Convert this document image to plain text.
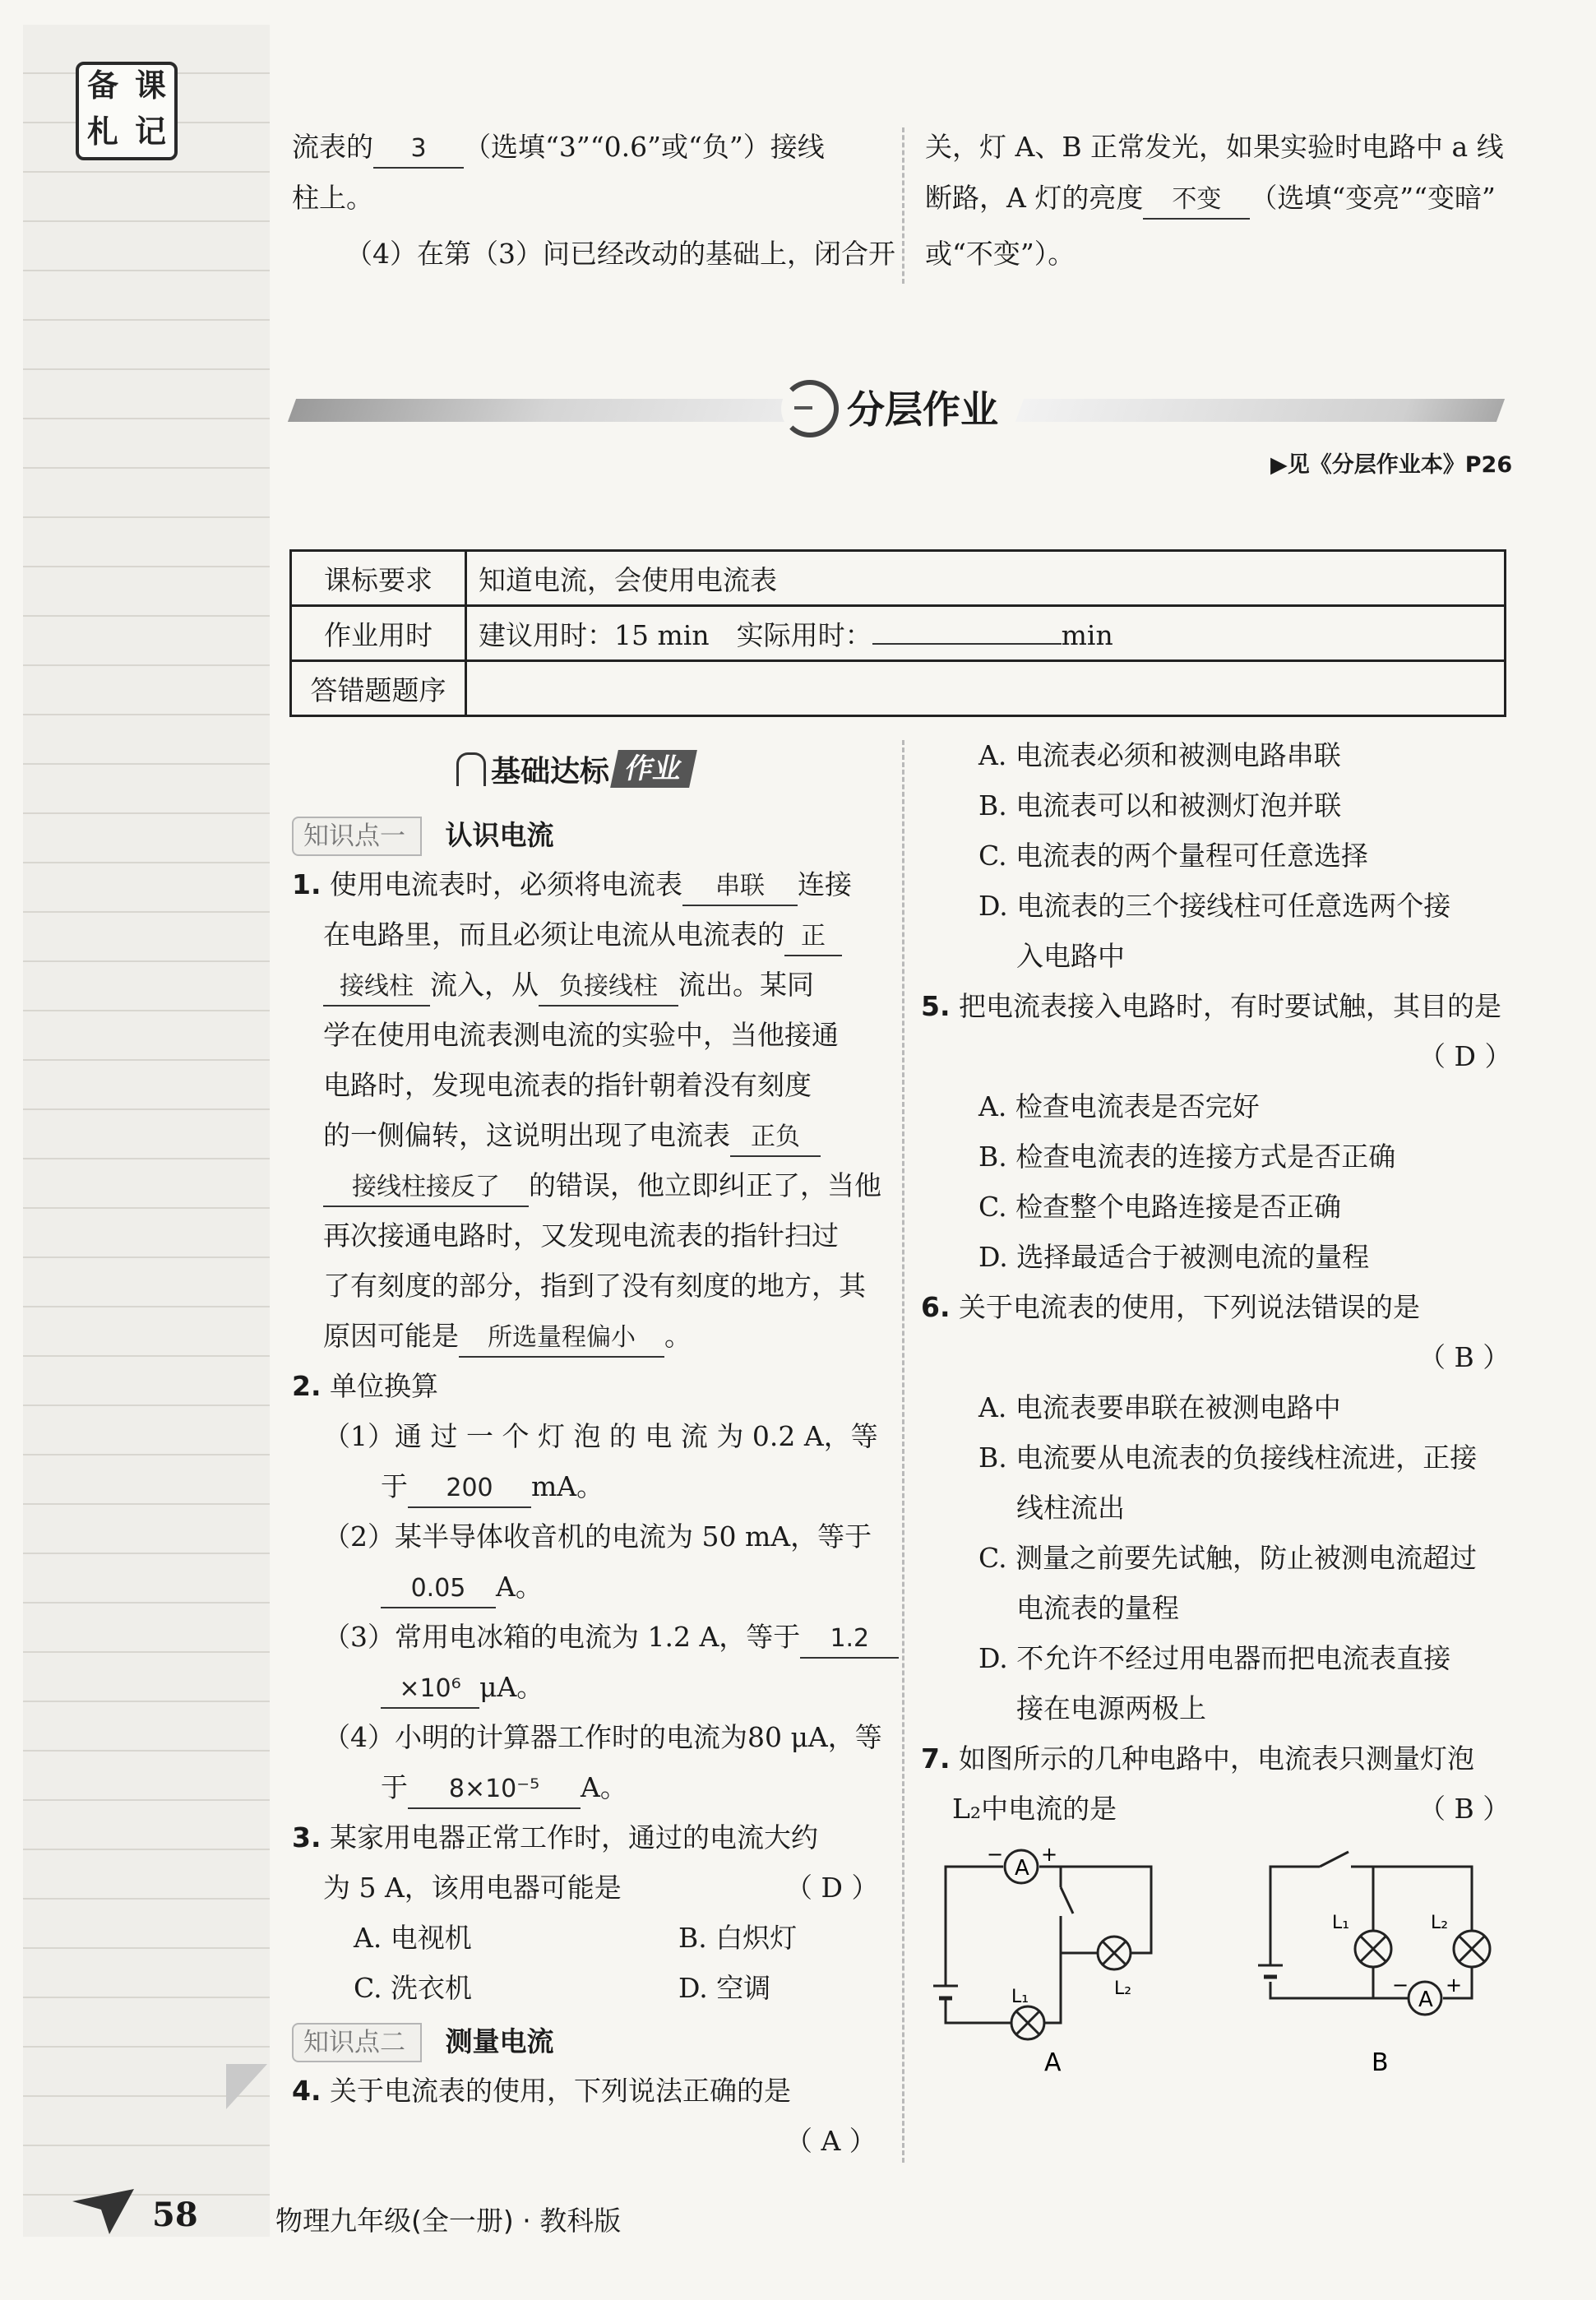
备 课
札 记	流表的 3 （选填“3”“0.6”或“负”）接线
柱上。
（4）在第（3）问已经改动的基础上，闭合开
关，灯 A、B 正常发光，如果实验时电路中 a 线
断路，A 灯的亮度 不变 （选填“变亮”“变暗”
或“不变”）。
分层作业
▶见《分层作业本》P26
课标要求	知道电流，会使用电流表
作业用时	建议用时：15 min　实际用时： min
答错题题序	
基础达标 作业
知识点一 认识电流
1. 使用电流表时，必须将电流表 串联 连接
在电路里，而且必须让电流从电流表的 正
接线柱 流入，从 负接线柱 流出。某同
学在使用电流表测电流的实验中，当他接通
电路时，发现电流表的指针朝着没有刻度
的一侧偏转，这说明出现了电流表 正负
接线柱接反了 的错误，他立即纠正了，当他
再次接通电路时，又发现电流表的指针扫过
了有刻度的部分，指到了没有刻度的地方，其
原因可能是 所选量程偏小 。
2. 单位换算
（1）通 过 一 个 灯 泡 的 电 流 为 0.2 A，等
于 200 mA。
（2）某半导体收音机的电流为 50 mA，等于
0.05 A。
（3）常用电冰箱的电流为 1.2 A，等于 1.2
×10⁶ μA。
（4）小明的计算器工作时的电流为80 μA，等
于 8×10⁻⁵ A。
3. 某家用电器正常工作时，通过的电流大约
为 5 A，该用电器可能是	（ D ）
A. 电视机	B. 白炽灯
C. 洗衣机	D. 空调
知识点二 测量电流
4. 关于电流表的使用，下列说法正确的是
（ A ）
A. 电流表必须和被测电路串联
B. 电流表可以和被测灯泡并联
C. 电流表的两个量程可任意选择
D. 电流表的三个接线柱可任意选两个接
入电路中
5. 把电流表接入电路时，有时要试触，其目的是
（ D ）
A. 检查电流表是否完好
B. 检查电流表的连接方式是否正确
C. 检查整个电路连接是否正确
D. 选择最适合于被测电流的量程
6. 关于电流表的使用，下列说法错误的是
（ B ）
A. 电流表要串联在被测电路中
B. 电流要从电流表的负接线柱流进，正接
线柱流出
C. 测量之前要先试触，防止被测电流超过
电流表的量程
D. 不允许不经过用电器而把电流表直接
接在电源两极上
7. 如图所示的几种电路中，电流表只测量灯泡
L₂中电流的是	（ B ）
A
− +
L₁	L₂
A
A
− +
L₁	L₂
B
58	物理九年级(全一册) · 教科版
